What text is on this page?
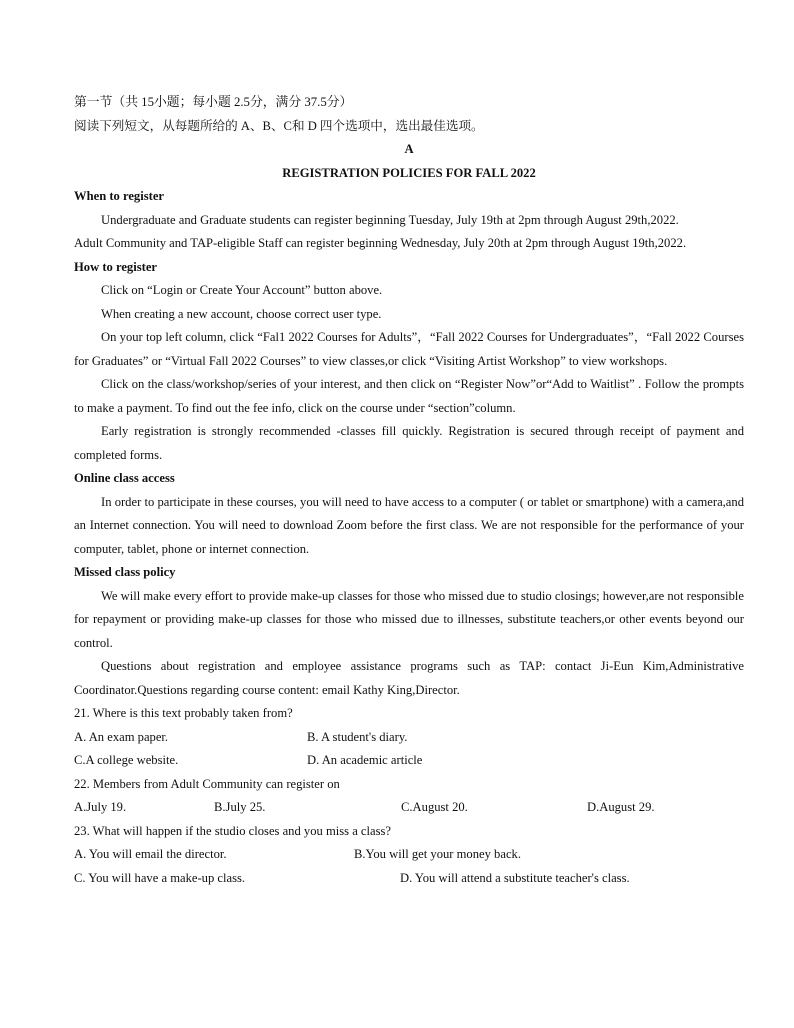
第一节（共 15小题；每小题 2.5分，满分 37.5分）

阅读下列短文，从每题所给的 A、B、C和 D 四个选项中，选出最佳选项。

A

REGISTRATION POLICIES FOR FALL 2022

When to register

Undergraduate and Graduate students can register beginning Tuesday, July 19th at 2pm through August 29th,2022.

Adult Community and TAP-eligible Staff can register beginning Wednesday, July 20th at 2pm through August 19th,2022.

How to register

Click on “Login or Create Your Account” button above.

When creating a new account, choose correct user type.

On your top left column, click “Fal1 2022 Courses for Adults”，“Fall 2022 Courses for Undergraduates”，“Fall 2022 Courses for Graduates” or “Virtual Fall 2022 Courses” to view classes,or click “Visiting Artist Workshop” to view workshops.

Click on the class/workshop/series of your interest, and then click on “Register Now”or“Add to Waitlist” . Follow the prompts to make a payment. To find out the fee info, click on the course under “section”column.

Early registration is strongly recommended -classes fill quickly. Registration is secured through receipt of payment and completed forms.

Online class access

In order to participate in these courses, you will need to have access to a computer ( or tablet or smartphone) with a camera,and an Internet connection. You will need to download Zoom before the first class. We are not responsible for the performance of your computer, tablet, phone or internet connection.

Missed class policy

We will make every effort to provide make-up classes for those who missed due to studio closings; however,are not responsible for repayment or providing make-up classes for those who missed due to illnesses, substitute teachers,or other events beyond our control.

Questions about registration and employee assistance programs such as TAP: contact Ji-Eun Kim,Administrative Coordinator.Questions regarding course content: email Kathy King,Director.

21. Where is this text probably taken from?

A. An exam paper.	B. A student's diary.
C.A college website.	D. An academic article

22. Members from Adult Community can register on

A.July 19.	B.July 25.	C.August 20.	D.August 29.

23. What will happen if the studio closes and you miss a class?

A. You will email the director.	B.You will get your money back.
C. You will have a make-up class.	D. You will attend a substitute teacher's class.
